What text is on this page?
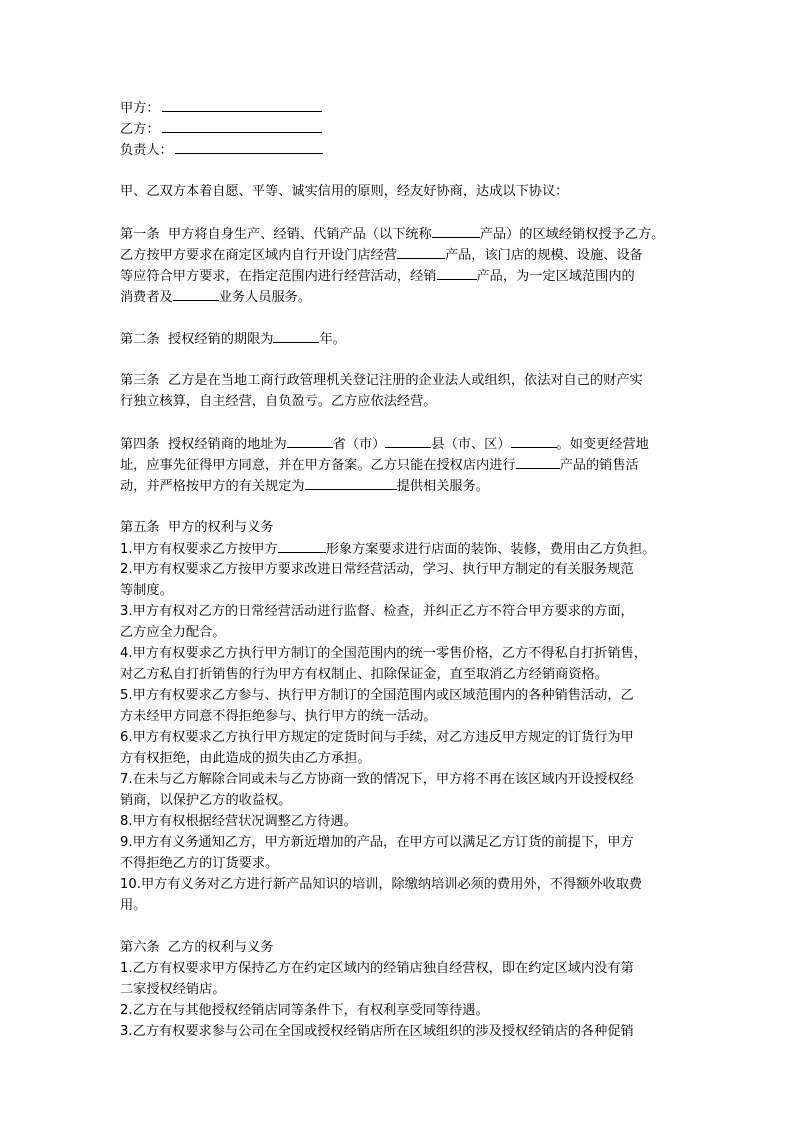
甲方：
乙方：
负责人：
甲、乙双方本着自愿、平等、诚实信用的原则，经友好协商，达成以下协议：
第一条  甲方将自身生产、经销、代销产品（以下统称	产品）的区域经销权授予乙方。
乙方按甲方要求在商定区域内自行开设门店经营	产品，该门店的规模、设施、设备
等应符合甲方要求，在指定范围内进行经营活动，经销	产品，为一定区域范围内的
消费者及	业务人员服务。
第二条  授权经销的期限为	年。
第三条  乙方是在当地工商行政管理机关登记注册的企业法人或组织，依法对自己的财产实
行独立核算，自主经营，自负盈亏。乙方应依法经营。
第四条  授权经销商的地址为	省（市）	县（市、区）	。如变更经营地
址，应事先征得甲方同意，并在甲方备案。乙方只能在授权店内进行	产品的销售活
动，并严格按甲方的有关规定为	提供相关服务。
第五条  甲方的权利与义务
1.甲方有权要求乙方按甲方	形象方案要求进行店面的装饰、装修，费用由乙方负担。
2.甲方有权要求乙方按甲方要求改进日常经营活动，学习、执行甲方制定的有关服务规范
等制度。
3.甲方有权对乙方的日常经营活动进行监督、检查，并纠正乙方不符合甲方要求的方面，
乙方应全力配合。
4.甲方有权要求乙方执行甲方制订的全国范围内的统一零售价格，乙方不得私自打折销售，
对乙方私自打折销售的行为甲方有权制止、扣除保证金，直至取消乙方经销商资格。
5.甲方有权要求乙方参与、执行甲方制订的全国范围内或区域范围内的各种销售活动，乙
方未经甲方同意不得拒绝参与、执行甲方的统一活动。
6.甲方有权要求乙方执行甲方规定的定货时间与手续，对乙方违反甲方规定的订货行为甲
方有权拒绝，由此造成的损失由乙方承担。
7.在未与乙方解除合同或未与乙方协商一致的情况下，甲方将不再在该区域内开设授权经
销商，以保护乙方的收益权。
8.甲方有权根据经营状况调整乙方待遇。
9.甲方有义务通知乙方，甲方新近增加的产品，在甲方可以满足乙方订货的前提下，甲方
不得拒绝乙方的订货要求。
10.甲方有义务对乙方进行新产品知识的培训，除缴纳培训必须的费用外，不得额外收取费
用。
第六条  乙方的权利与义务
1.乙方有权要求甲方保持乙方在约定区域内的经销店独自经营权，即在约定区域内没有第
二家授权经销店。
2.乙方在与其他授权经销店同等条件下，有权利享受同等待遇。
3.乙方有权要求参与公司在全国或授权经销店所在区域组织的涉及授权经销店的各种促销
